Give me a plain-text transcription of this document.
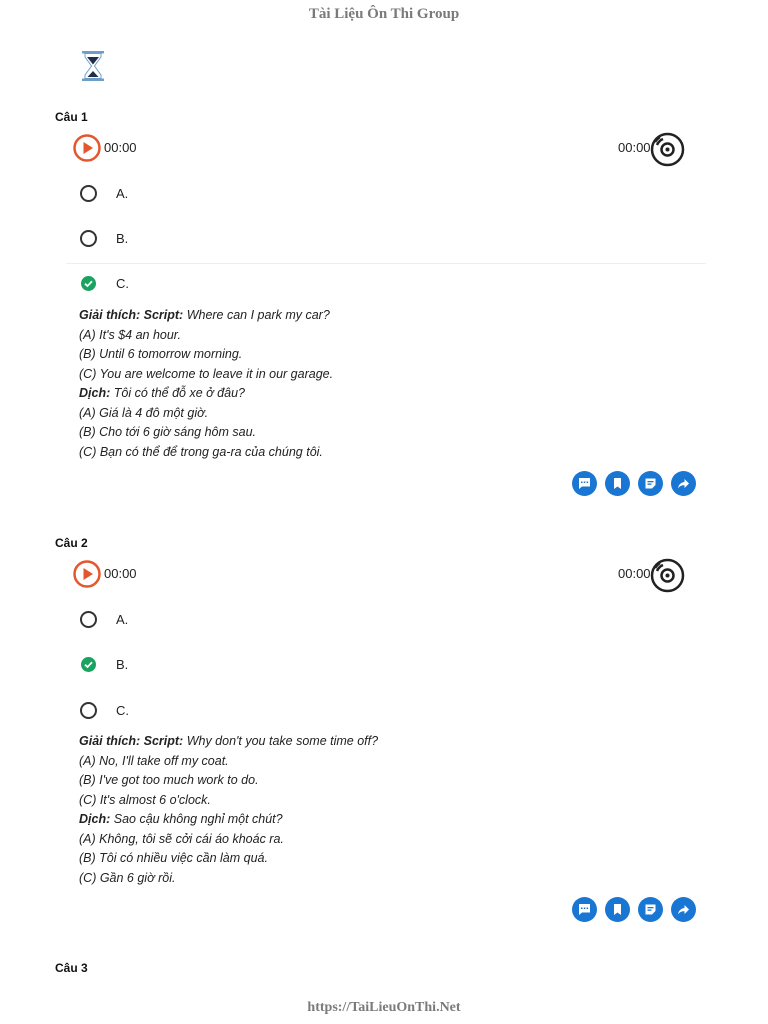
Tài Liệu Ôn Thi Group
Câu 1
00:00	00:00
A.
B.
C.
Giải thích: Script: Where can I park my car?
(A) It's $4 an hour.
(B) Until 6 tomorrow morning.
(C) You are welcome to leave it in our garage.
Dịch: Tôi có thể đỗ xe ở đâu?
(A) Giá là 4 đô một giờ.
(B) Cho tới 6 giờ sáng hôm sau.
(C) Bạn có thể để trong ga-ra của chúng tôi.
Câu 2
00:00	00:00
A.
B.
C.
Giải thích: Script: Why don't you take some time off?
(A) No, I'll take off my coat.
(B) I've got too much work to do.
(C) It's almost 6 o'clock.
Dịch: Sao cậu không nghỉ một chút?
(A) Không, tôi sẽ cởi cái áo khoác ra.
(B) Tôi có nhiều việc cần làm quá.
(C) Gần 6 giờ rồi.
Câu 3
https://TaiLieuOnThi.Net
